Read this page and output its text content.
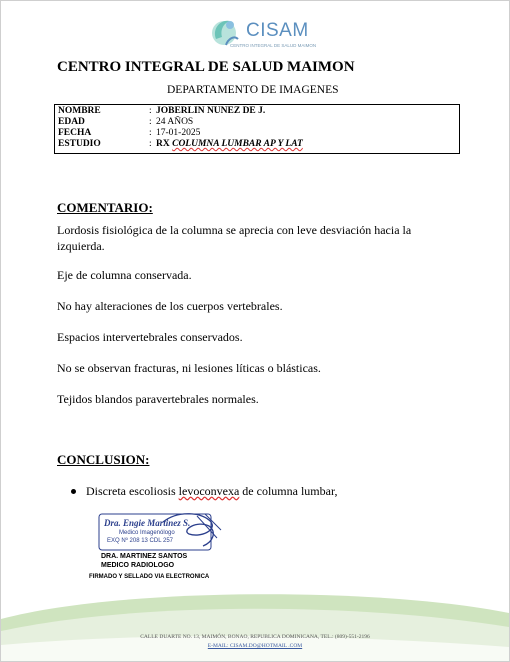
CISAM
CENTRO INTEGRAL DE SALUD MAIMON
CENTRO INTEGRAL DE SALUD MAIMON
DEPARTAMENTO DE IMAGENES
NOMBRE	: JOBERLIN NUNEZ DE J.
EDAD	: 24 AÑOS
FECHA	: 17-01-2025
ESTUDIO	: RX COLUMNA LUMBAR AP Y LAT
COMENTARIO:
Lordosis fisiológica de la columna se aprecia con leve desviación hacia la izquierda.
Eje de columna conservada.
No hay alteraciones de los cuerpos vertebrales.
Espacios intervertebrales conservados.
No se observan fracturas, ni lesiones líticas o blásticas.
Tejidos blandos paravertebrales normales.
CONCLUSION:
Discreta escoliosis levoconvexa de columna lumbar,
Dra. Engie Martinez S.
Medico Imagenólogo
EXQ Nº 208 13 CDL 257
DRA. MARTINEZ SANTOS
MEDICO RADIOLOGO
FIRMADO Y SELLADO VIA ELECTRONICA
CALLE DUARTE NO. 13, MAIMÓN, BONAO, REPUBLICA DOMINICANA, TEL.: (809)-551-2196
E-MAIL: CISAM.DO@HOTMAIL .COM
